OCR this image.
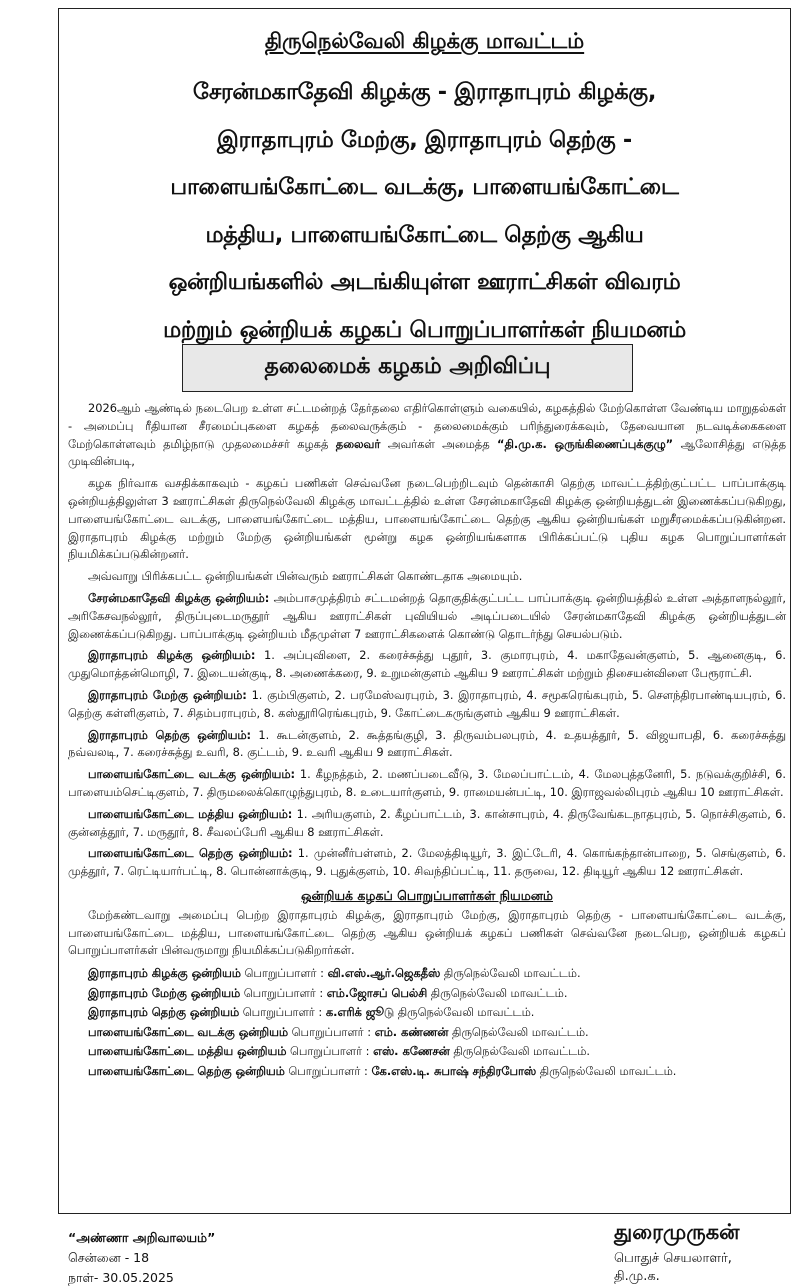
திருநெல்வேலி கிழக்கு மாவட்டம்
சேரன்மகாதேவி கிழக்கு - இராதாபுரம் கிழக்கு,
இராதாபுரம் மேற்கு, இராதாபுரம் தெற்கு -
பாளையங்கோட்டை வடக்கு, பாளையங்கோட்டை
மத்திய, பாளையங்கோட்டை தெற்கு ஆகிய
ஒன்றியங்களில் அடங்கியுள்ள ஊராட்சிகள் விவரம்
மற்றும் ஒன்றியக் கழகப் பொறுப்பாளர்கள் நியமனம்
தலைமைக் கழகம் அறிவிப்பு

2026ஆம் ஆண்டில் நடைபெற உள்ள சட்டமன்றத் தேர்தலை எதிர்கொள்ளும் வகையில், கழகத்தில் மேற்கொள்ள வேண்டிய மாறுதல்கள் - அமைப்பு ரீதியான சீரமைப்புகளை கழகத் தலைவருக்கும் - தலைமைக்கும் பரிந்துரைக்கவும், தேவையான நடவடிக்கைகளை மேற்கொள்ளவும் தமிழ்நாடு முதலமைச்சர் கழகத் தலைவர் அவர்கள் அமைத்த “தி.மு.க. ஒருங்கிணைப்புக்குழு” ஆலோசித்து எடுத்த முடிவின்படி,

கழக நிர்வாக வசதிக்காகவும் - கழகப் பணிகள் செவ்வனே நடைபெற்றிடவும் தென்காசி தெற்கு மாவட்டத்திற்குட்பட்ட பாப்பாக்குடி ஒன்றியத்திலுள்ள 3 ஊராட்சிகள் திருநெல்வேலி கிழக்கு மாவட்டத்தில் உள்ள சேரன்மகாதேவி கிழக்கு ஒன்றியத்துடன் இணைக்கப்படுகிறது, பாளையங்கோட்டை வடக்கு, பாளையங்கோட்டை மத்திய, பாளையங்கோட்டை தெற்கு ஆகிய ஒன்றியங்கள் மறுசீரமைக்கப்படுகின்றன. இராதாபுரம் கிழக்கு மற்றும் மேற்கு ஒன்றியங்கள் மூன்று கழக ஒன்றியங்களாக பிரிக்கப்பட்டு புதிய கழக பொறுப்பாளர்கள் நியமிக்கப்படுகின்றனர்.

அவ்வாறு பிரிக்கபட்ட ஒன்றியங்கள் பின்வரும் ஊராட்சிகள் கொண்டதாக அமையும்.

சேரன்மகாதேவி கிழக்கு ஒன்றியம்: அம்பாசமுத்திரம் சட்டமன்றத் தொகுதிக்குட்பட்ட பாப்பாக்குடி ஒன்றியத்தில் உள்ள அத்தாளநல்லூர், அரிகேசவநல்லூர், திருப்புடைமருதூர் ஆகிய ஊராட்சிகள் புவியியல் அடிப்படையில் சேரன்மகாதேவி கிழக்கு ஒன்றியத்துடன் இணைக்கப்படுகிறது. பாப்பாக்குடி ஒன்றியம் மீதமுள்ள 7 ஊராட்சிகளைக் கொண்டு தொடர்ந்து செயல்படும்.

இராதாபுரம் கிழக்கு ஒன்றியம்: 1. அப்புவிளை, 2. கரைச்சுத்து புதூர், 3. குமாரபுரம், 4. மகாதேவன்குளம், 5. ஆனைகுடி, 6. முதுமொத்தன்மொழி, 7. இடையன்குடி, 8. அணைக்கரை, 9. உறுமன்குளம் ஆகிய 9 ஊராட்சிகள் மற்றும் திசையன்விளை பேரூராட்சி.

இராதாபுரம் மேற்கு ஒன்றியம்: 1. கும்பிகுளம், 2. பரமேஸ்வரபுரம், 3. இராதாபுரம், 4. சமூகரெங்கபுரம், 5. சௌந்திரபாண்டியபுரம், 6. தெற்கு கள்ளிகுளம், 7. சிதம்பராபுரம், 8. கஸ்தூரிரெங்கபுரம், 9. கோட்டைகருங்குளம் ஆகிய 9 ஊராட்சிகள்.

இராதாபுரம் தெற்கு ஒன்றியம்: 1. கூடன்குளம், 2. கூத்தங்குழி, 3. திருவம்பலபுரம், 4. உதயத்தூர், 5. விஜயாபதி, 6. கரைச்சுத்து நவ்வலடி, 7. கரைச்சுத்து உவரி, 8. குட்டம், 9. உவரி ஆகிய 9 ஊராட்சிகள்.

பாளையங்கோட்டை வடக்கு ஒன்றியம்: 1. கீழநத்தம், 2. மணப்படைவீடு, 3. மேலப்பாட்டம், 4. மேலபுத்தனேரி, 5. நடுவக்குறிச்சி, 6. பாளையம்செட்டிகுளம், 7. திருமலைக்கொழுந்துபுரம், 8. உடையார்குளம், 9. ராமையன்பட்டி, 10. இராஜவல்லிபுரம் ஆகிய 10 ஊராட்சிகள்.

பாளையங்கோட்டை மத்திய ஒன்றியம்: 1. அரியகுளம், 2. கீழப்பாட்டம், 3. கான்சாபுரம், 4. திருவேங்கடநாதபுரம், 5. நொச்சிகுளம், 6. குன்னத்தூர், 7. மருதூர், 8. சீவலப்பேரி ஆகிய 8 ஊராட்சிகள்.

பாளையங்கோட்டை தெற்கு ஒன்றியம்: 1. முன்னீர்பள்ளம், 2. மேலத்திடியூர், 3. இட்டேரி, 4. கொங்கந்தான்பாறை, 5. செங்குளம், 6. முத்தூர், 7. ரெட்டியார்பட்டி, 8. பொன்னாக்குடி, 9. புதுக்குளம், 10. சிவந்திப்பட்டி, 11. தருவை, 12. திடியூர் ஆகிய 12 ஊராட்சிகள்.

ஒன்றியக் கழகப் பொறுப்பாளர்கள் நியமனம்

மேற்கண்டவாறு அமைப்பு பெற்ற இராதாபுரம் கிழக்கு, இராதாபுரம் மேற்கு, இராதாபுரம் தெற்கு - பாளையங்கோட்டை வடக்கு, பாளையங்கோட்டை மத்திய, பாளையங்கோட்டை தெற்கு ஆகிய ஒன்றியக் கழகப் பணிகள் செவ்வனே நடைபெற, ஒன்றியக் கழகப் பொறுப்பாளர்கள் பின்வருமாறு நியமிக்கப்படுகிறார்கள்.

இராதாபுரம் கிழக்கு ஒன்றியம் பொறுப்பாளர் : வி.எஸ்.ஆர்.ஜெகதீஸ் திருநெல்வேலி மாவட்டம்.
இராதாபுரம் மேற்கு ஒன்றியம் பொறுப்பாளர் : எம்.ஜோசப் பெல்சி திருநெல்வேலி மாவட்டம்.
இராதாபுரம் தெற்கு ஒன்றியம் பொறுப்பாளர் : க.எரிக் ஜூடு திருநெல்வேலி மாவட்டம்.
பாளையங்கோட்டை வடக்கு ஒன்றியம் பொறுப்பாளர் : எம். கண்ணன் திருநெல்வேலி மாவட்டம்.
பாளையங்கோட்டை மத்திய ஒன்றியம் பொறுப்பாளர் : எஸ். கணேசன் திருநெல்வேலி மாவட்டம்.
பாளையங்கோட்டை தெற்கு ஒன்றியம் பொறுப்பாளர் : கே.எஸ்.டி. சுபாஷ் சந்திரபோஸ் திருநெல்வேலி மாவட்டம்.
“அண்ணா அறிவாலயம்”
சென்னை - 18
நாள்- 30.05.2025
துரைமுருகன்
பொதுச் செயலாளர்,
தி.மு.க.
